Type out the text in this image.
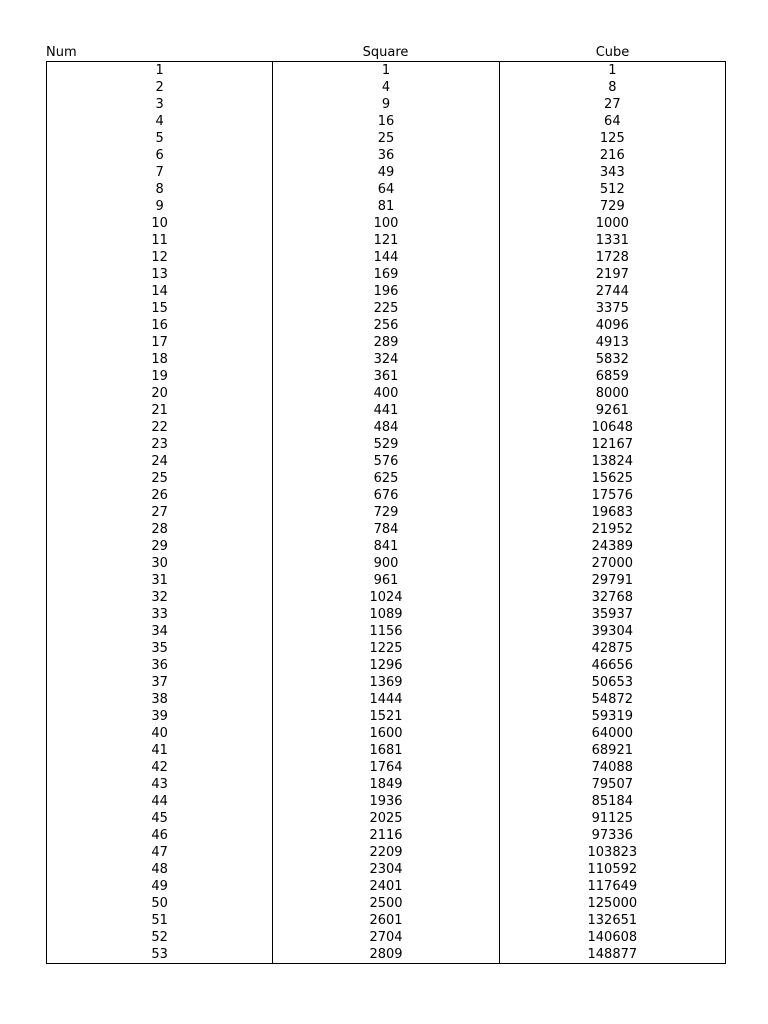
Num	Square	Cube
1	1	1
2	4	8
3	9	27
4	16	64
5	25	125
6	36	216
7	49	343
8	64	512
9	81	729
10	100	1000
11	121	1331
12	144	1728
13	169	2197
14	196	2744
15	225	3375
16	256	4096
17	289	4913
18	324	5832
19	361	6859
20	400	8000
21	441	9261
22	484	10648
23	529	12167
24	576	13824
25	625	15625
26	676	17576
27	729	19683
28	784	21952
29	841	24389
30	900	27000
31	961	29791
32	1024	32768
33	1089	35937
34	1156	39304
35	1225	42875
36	1296	46656
37	1369	50653
38	1444	54872
39	1521	59319
40	1600	64000
41	1681	68921
42	1764	74088
43	1849	79507
44	1936	85184
45	2025	91125
46	2116	97336
47	2209	103823
48	2304	110592
49	2401	117649
50	2500	125000
51	2601	132651
52	2704	140608
53	2809	148877
